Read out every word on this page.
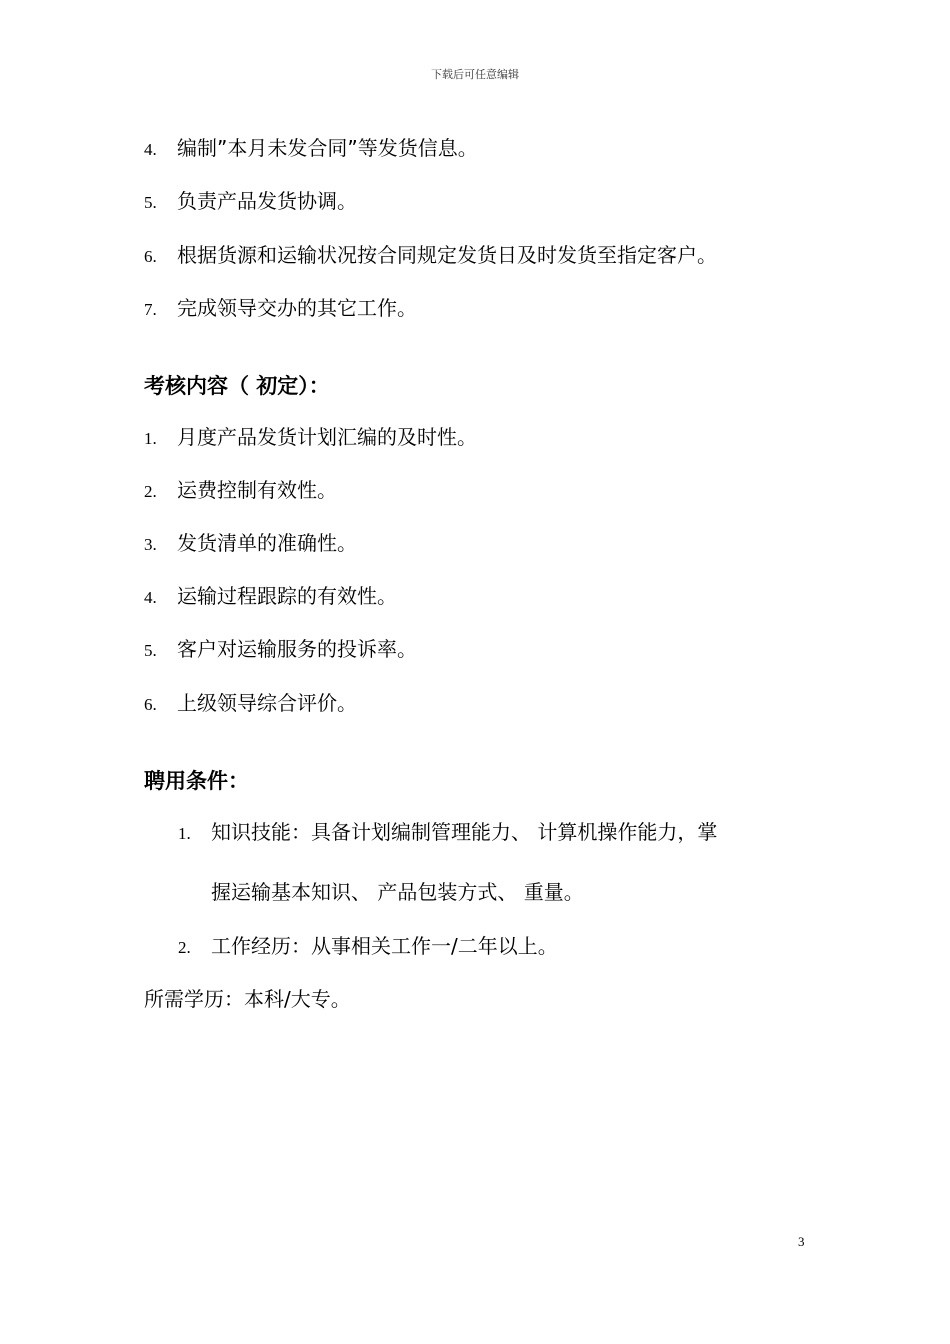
下载后可任意编辑
4. 编制”本月未发合同”等发货信息。
5. 负责产品发货协调。
6. 根据货源和运输状况按合同规定发货日及时发货至指定客户。
7. 完成领导交办的其它工作。
考核内容（ 初定）：
1. 月度产品发货计划汇编的及时性。
2. 运费控制有效性。
3. 发货清单的准确性。
4. 运输过程跟踪的有效性。
5. 客户对运输服务的投诉率。
6. 上级领导综合评价。
聘用条件：
1. 知识技能：具备计划编制管理能力、 计算机操作能力，掌
握运输基本知识、 产品包装方式、 重量。
2. 工作经历：从事相关工作一/二年以上。
所需学历：本科/大专。
3
